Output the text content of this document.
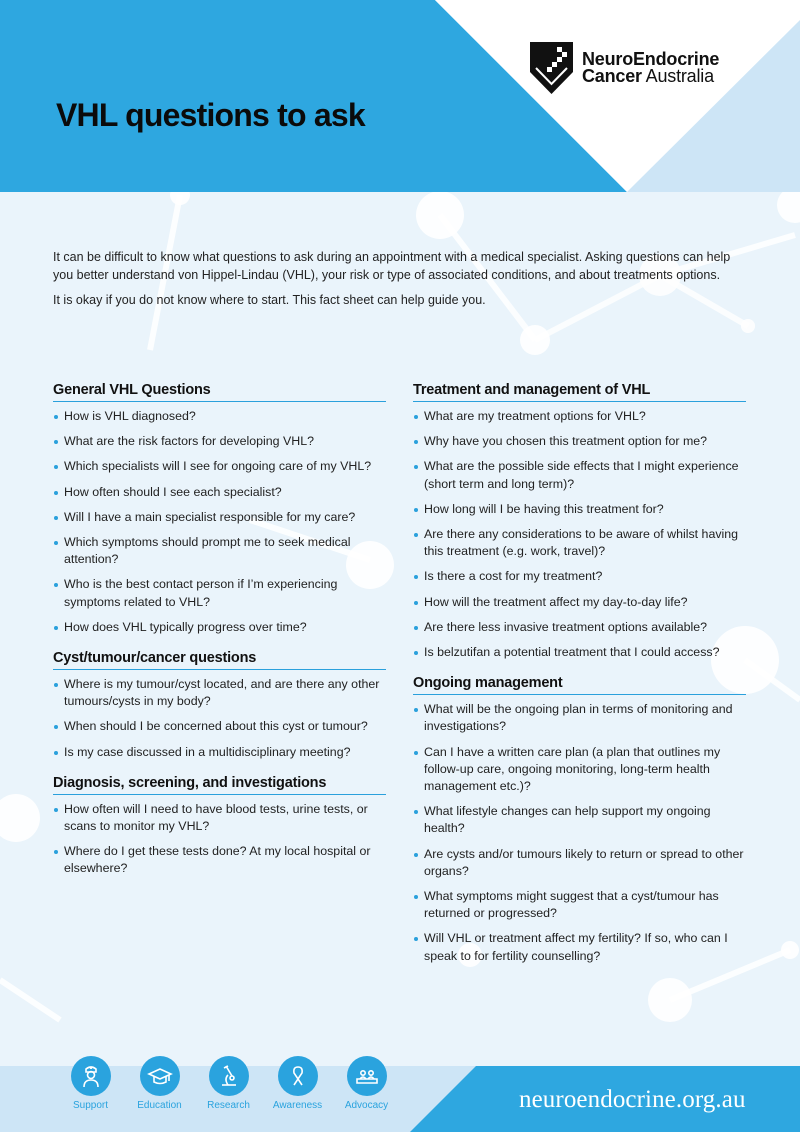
NeuroEndocrine
Cancer Australia
VHL questions to ask

It can be difficult to know what questions to ask during an appointment with a medical specialist. Asking questions can help you better understand von Hippel-Lindau (VHL), your risk or type of associated conditions, and about treatments options.

It is okay if you do not know where to start. This fact sheet can help guide you.

General VHL Questions
How is VHL diagnosed?
What are the risk factors for developing VHL?
Which specialists will I see for ongoing care of my VHL?
How often should I see each specialist?
Will I have a main specialist responsible for my care?
Which symptoms should prompt me to seek medical attention?
Who is the best contact person if I’m experiencing symptoms related to VHL?
How does VHL typically progress over time?
Cyst/tumour/cancer questions
Where is my tumour/cyst located, and are there any other tumours/cysts in my body?
When should I be concerned about this cyst or tumour?
Is my case discussed in a multidisciplinary meeting?
Diagnosis, screening, and investigations
How often will I need to have blood tests, urine tests, or scans to monitor my VHL?
Where do I get these tests done? At my local hospital or elsewhere?
Treatment and management of VHL
What are my treatment options for VHL?
Why have you chosen this treatment option for me?
What are the possible side effects that I might experience (short term and long term)?
How long will I be having this treatment for?
Are there any considerations to be aware of whilst having this treatment (e.g. work, travel)?
Is there a cost for my treatment?
How will the treatment affect my day-to-day life?
Are there less invasive treatment options available?
Is belzutifan a potential treatment that I could access?
Ongoing management
What will be the ongoing plan in terms of monitoring and investigations?
Can I have a written care plan (a plan that outlines my follow-up care, ongoing monitoring, long-term health management etc.)?
What lifestyle changes can help support my ongoing health?
Are cysts and/or tumours likely to return or spread to other organs?
What symptoms might suggest that a cyst/tumour has returned or progressed?
Will VHL or treatment affect my fertility? If so, who can I speak to for fertility counselling?
Support	Education	Research Awareness Advocacy	neuroendocrine.org.au
